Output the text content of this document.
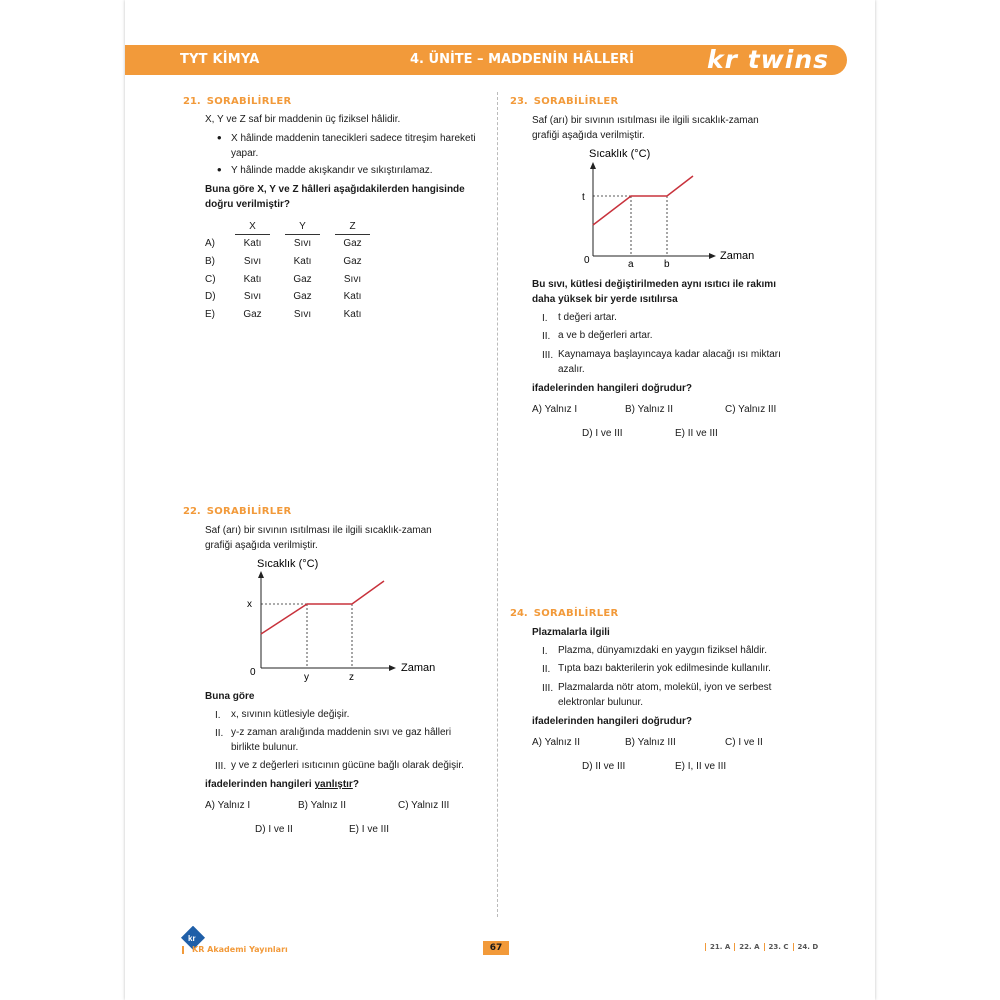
TYT KİMYA	4. ÜNİTE – MADDENİN HÂLLERİ	kr twins
21. SORABİLİRLER
X, Y ve Z saf bir maddenin üç fiziksel hâlidir.
• X hâlinde maddenin tanecikleri sadece titreşim hareketi yapar.
• Y hâlinde madde akışkandır ve sıkıştırılamaz.
Buna göre X, Y ve Z hâlleri aşağıdakilerden hangisinde doğru verilmiştir?
X	Y	Z
A)	Katı	Sıvı	Gaz
B)	Sıvı	Katı	Gaz
C)	Katı	Gaz	Sıvı
D)	Sıvı	Gaz	Katı
E)	Gaz	Sıvı	Katı
22. SORABİLİRLER
Saf (arı) bir sıvının ısıtılması ile ilgili sıcaklık-zaman
grafiği aşağıda verilmiştir.
Sıcaklık (°C)
Zaman
0
x
y	z
Buna göre
I. x, sıvının kütlesiyle değişir.
II. y-z zaman aralığında maddenin sıvı ve gaz hâlleri
birlikte bulunur.
III. y ve z değerleri ısıtıcının gücüne bağlı olarak değişir.
ifadelerinden hangileri yanlıştır?
A) Yalnız I	B) Yalnız II	C) Yalnız III
D) I ve II	E) I ve III
23. SORABİLİRLER
Saf (arı) bir sıvının ısıtılması ile ilgili sıcaklık-zaman
grafiği aşağıda verilmiştir.
Sıcaklık (°C)
Zaman
0
t
a	b
Bu sıvı, kütlesi değiştirilmeden aynı ısıtıcı ile rakımı
daha yüksek bir yerde ısıtılırsa
I. t değeri artar.
II. a ve b değerleri artar.
III. Kaynamaya başlayıncaya kadar alacağı ısı miktarı
azalır.
ifadelerinden hangileri doğrudur?
A) Yalnız I	B) Yalnız II	C) Yalnız III
D) I ve III	E) II ve III
24. SORABİLİRLER
Plazmalarla ilgili
I. Plazma, dünyamızdaki en yaygın fiziksel hâldir.
II. Tıpta bazı bakterilerin yok edilmesinde kullanılır.
III. Plazmalarda nötr atom, molekül, iyon ve serbest
elektronlar bulunur.
ifadelerinden hangileri doğrudur?
A) Yalnız II	B) Yalnız III	C) I ve II
D) II ve III	E) I, II ve III
kr
KR Akademi Yayınları	67	21. A	22. A	23. C	24. D
